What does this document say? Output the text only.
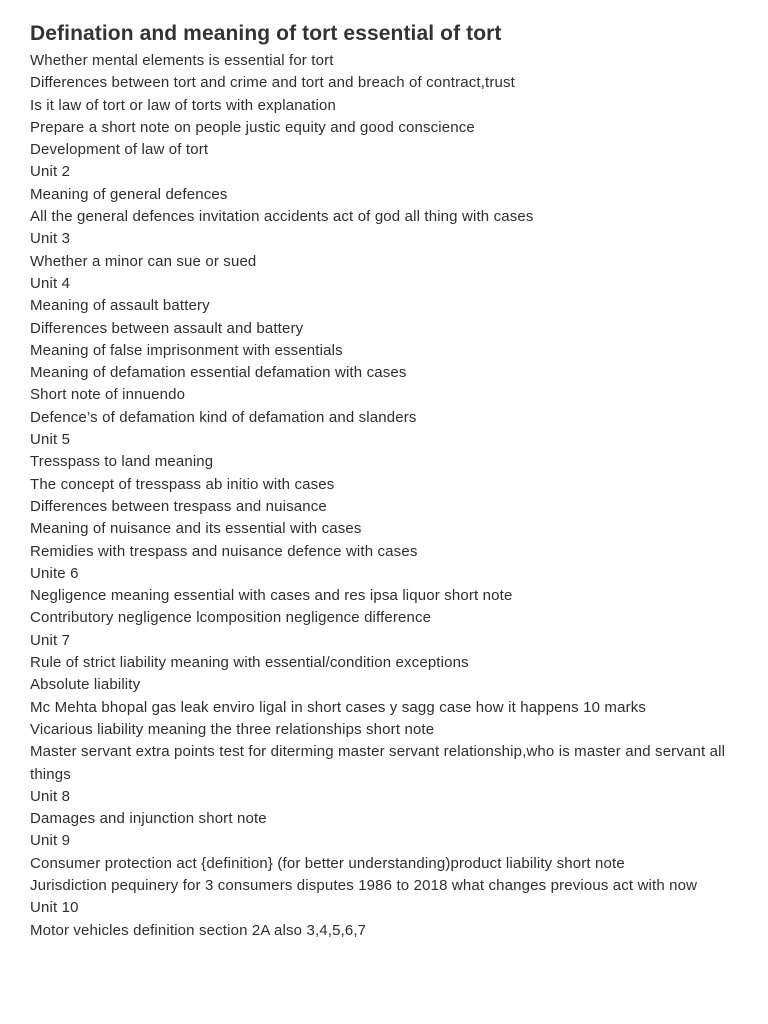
Defination and meaning of tort essential of tort
Whether mental elements is essential for tort
Differences between tort and crime and tort and breach of contract,trust
Is it law of tort or law of torts with explanation
Prepare a short note on people justic equity and good conscience
Development of law of tort
Unit 2
Meaning of general defences
All the general defences invitation accidents act of god all thing with cases
Unit 3
Whether a minor can sue or sued
Unit 4
Meaning of assault battery
Differences between assault and battery
Meaning of false imprisonment with essentials
Meaning of defamation essential defamation with cases
Short note of innuendo
Defence’s of defamation kind of defamation and slanders
Unit 5
Tresspass to land meaning
The concept of tresspass ab initio with cases
Differences between trespass and nuisance
Meaning of nuisance and its essential with cases
Remidies with trespass and nuisance defence with cases
Unite 6
Negligence meaning essential with cases and res ipsa liquor short note
Contributory negligence lcomposition negligence difference
Unit 7
Rule of strict liability meaning with essential/condition exceptions
Absolute liability
Mc Mehta bhopal gas leak enviro ligal in short cases y sagg case how it happens 10 marks
Vicarious liability meaning the three relationships short note
Master servant extra points test for diterming master servant relationship,who is master and servant all things
Unit 8
Damages and injunction short note
Unit 9
Consumer protection act {definition} (for better understanding)product liability short note
Jurisdiction pequinery for 3 consumers disputes 1986 to 2018 what changes previous act with now
Unit 10
Motor vehicles definition section 2A also 3,4,5,6,7
